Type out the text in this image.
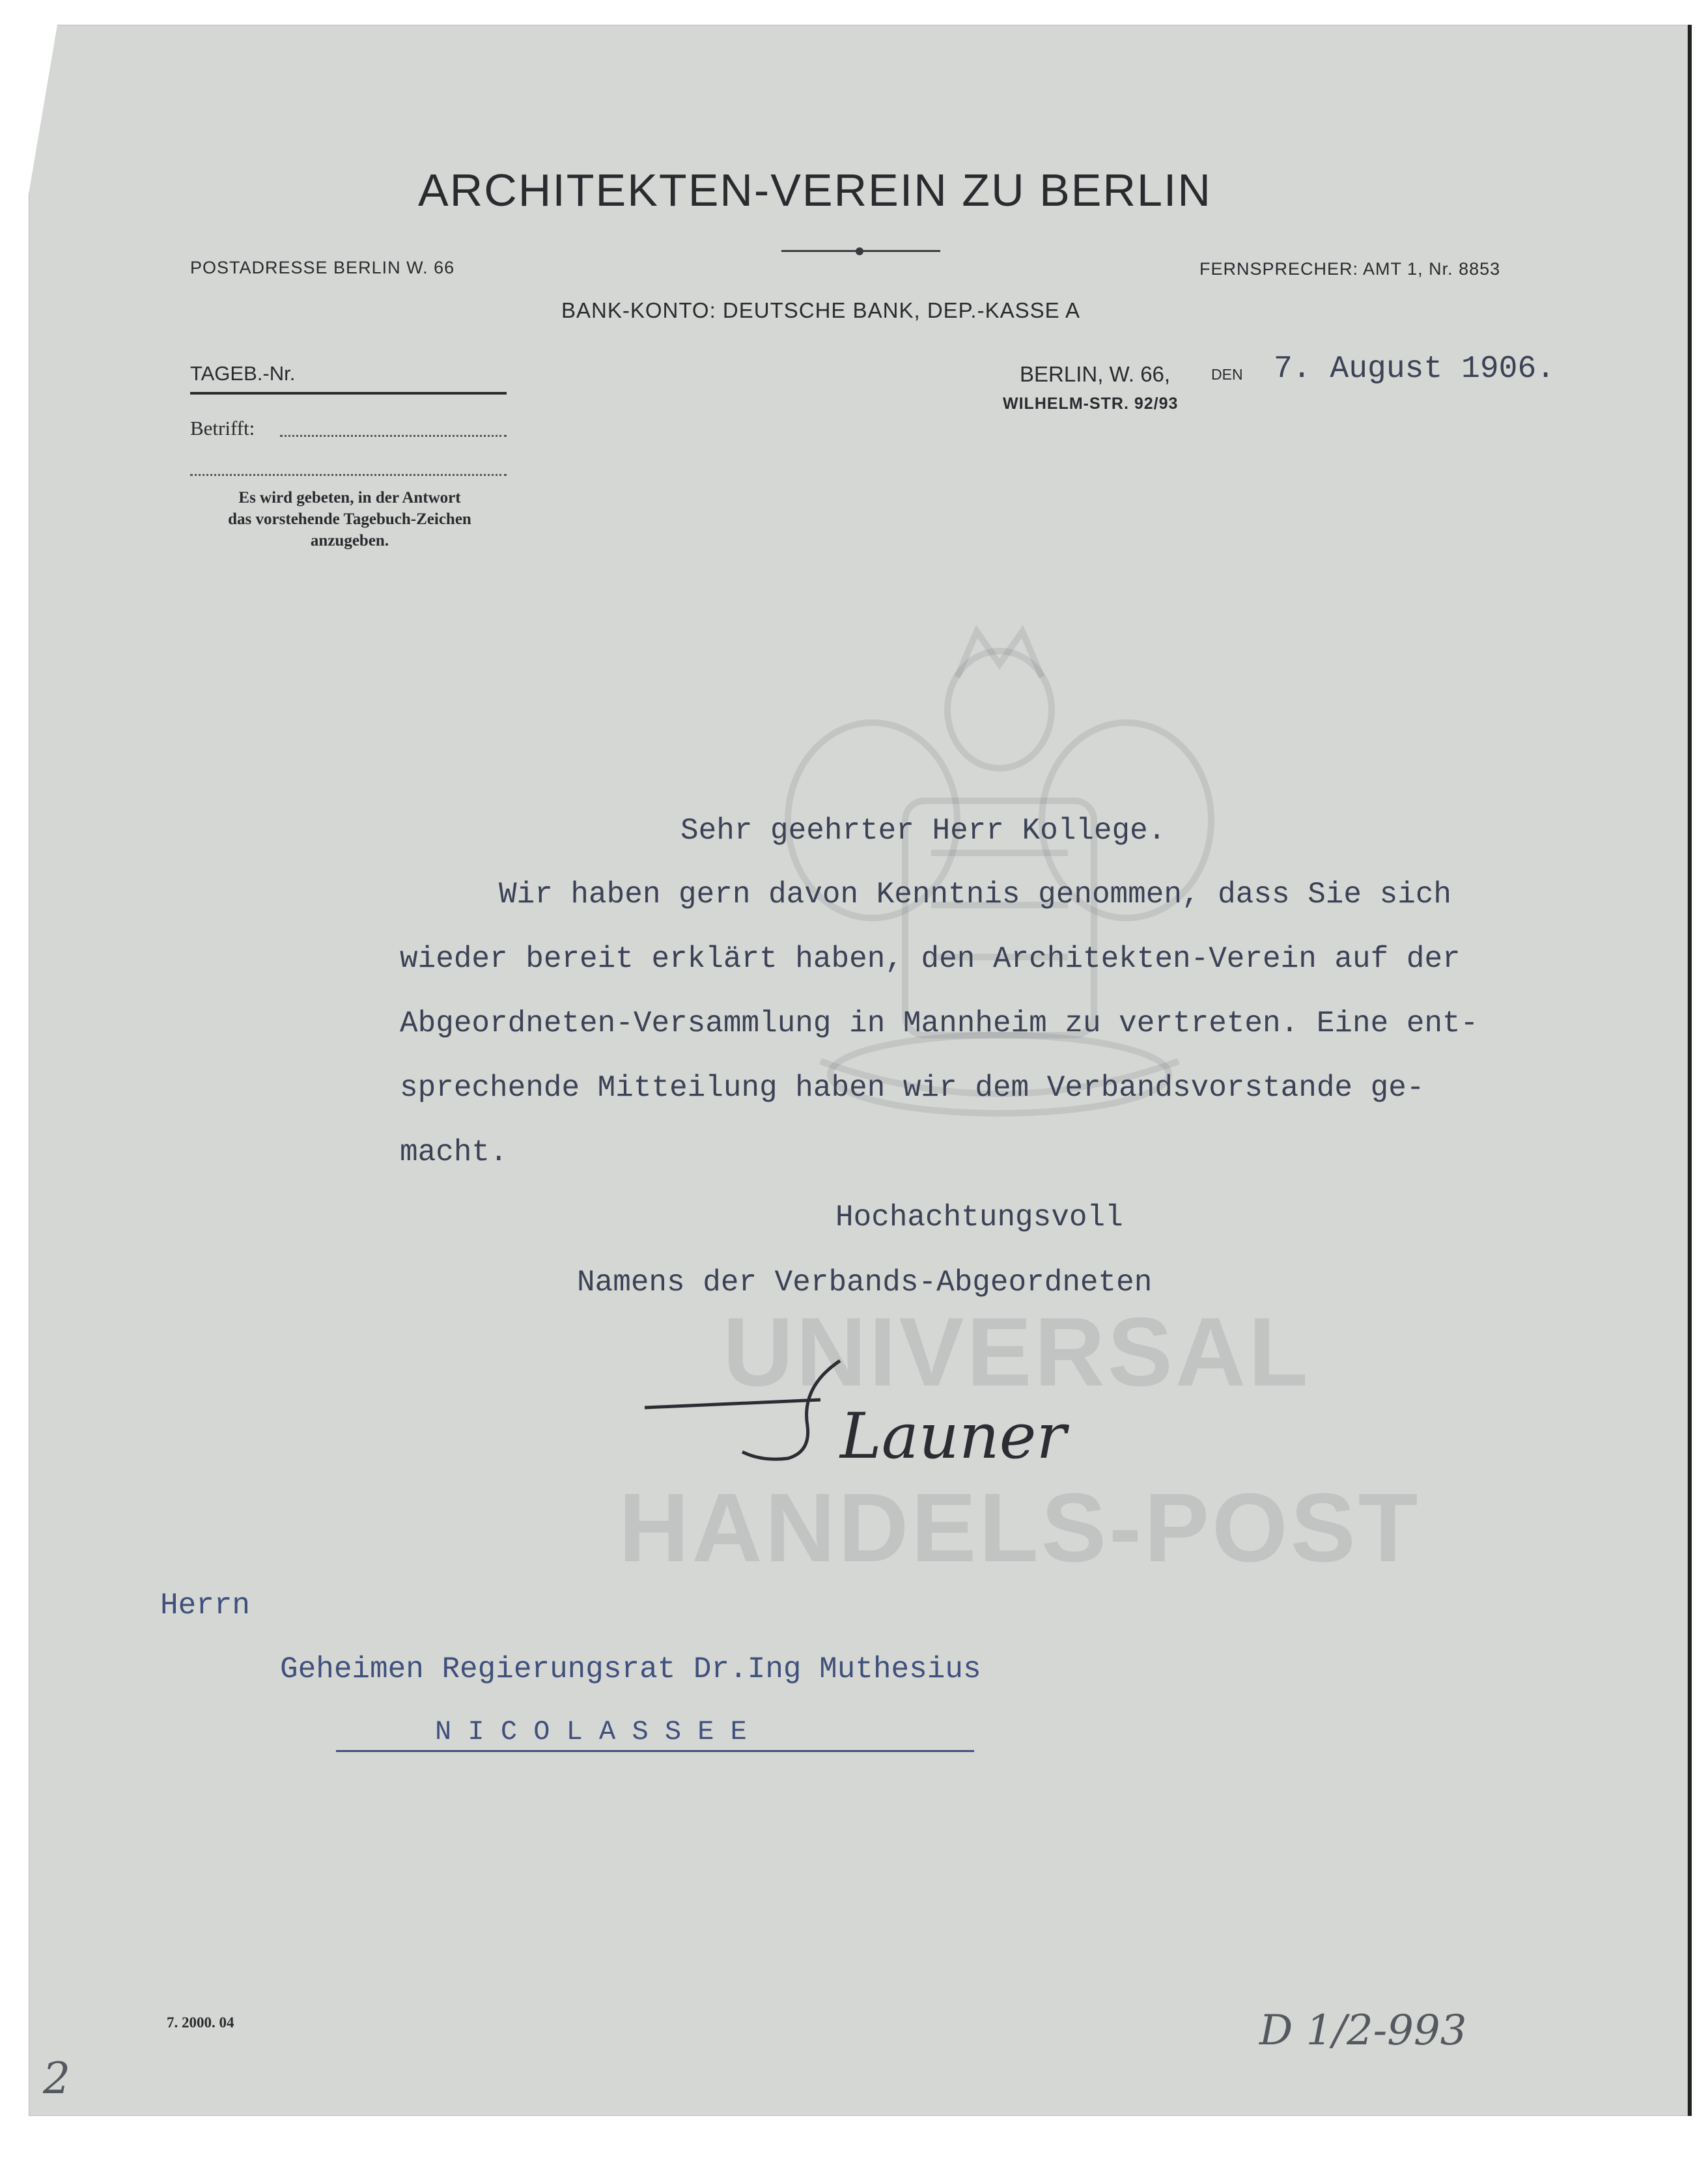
UNIVERSAL
HANDELS-POST
ARCHITEKTEN-VEREIN ZU BERLIN
POSTADRESSE BERLIN W. 66	FERNSPRECHER: AMT 1, Nr. 8853
BANK-KONTO: DEUTSCHE BANK, DEP.-KASSE A
TAGEB.-Nr.
Betrifft:
Es wird gebeten, in der Antwort
das vorstehende Tagebuch-Zeichen
anzugeben.
BERLIN, W. 66,	DEN 7. August 1906.
WILHELM-STR. 92/93
Sehr geehrter Herr Kollege.
Wir haben gern davon Kenntnis genommen, dass Sie sich
wieder bereit erklärt haben, den Architekten-Verein auf der
Abgeordneten-Versammlung in Mannheim zu vertreten. Eine ent-
sprechende Mitteilung haben wir dem Verbandsvorstande ge-
macht.
Hochachtungsvoll
Namens der Verbands-Abgeordneten
Launer
Herrn
Geheimen Regierungsrat Dr.Ing Muthesius
N I C O L A S S E E
7. 2000. 04	D 1/2-993
2
